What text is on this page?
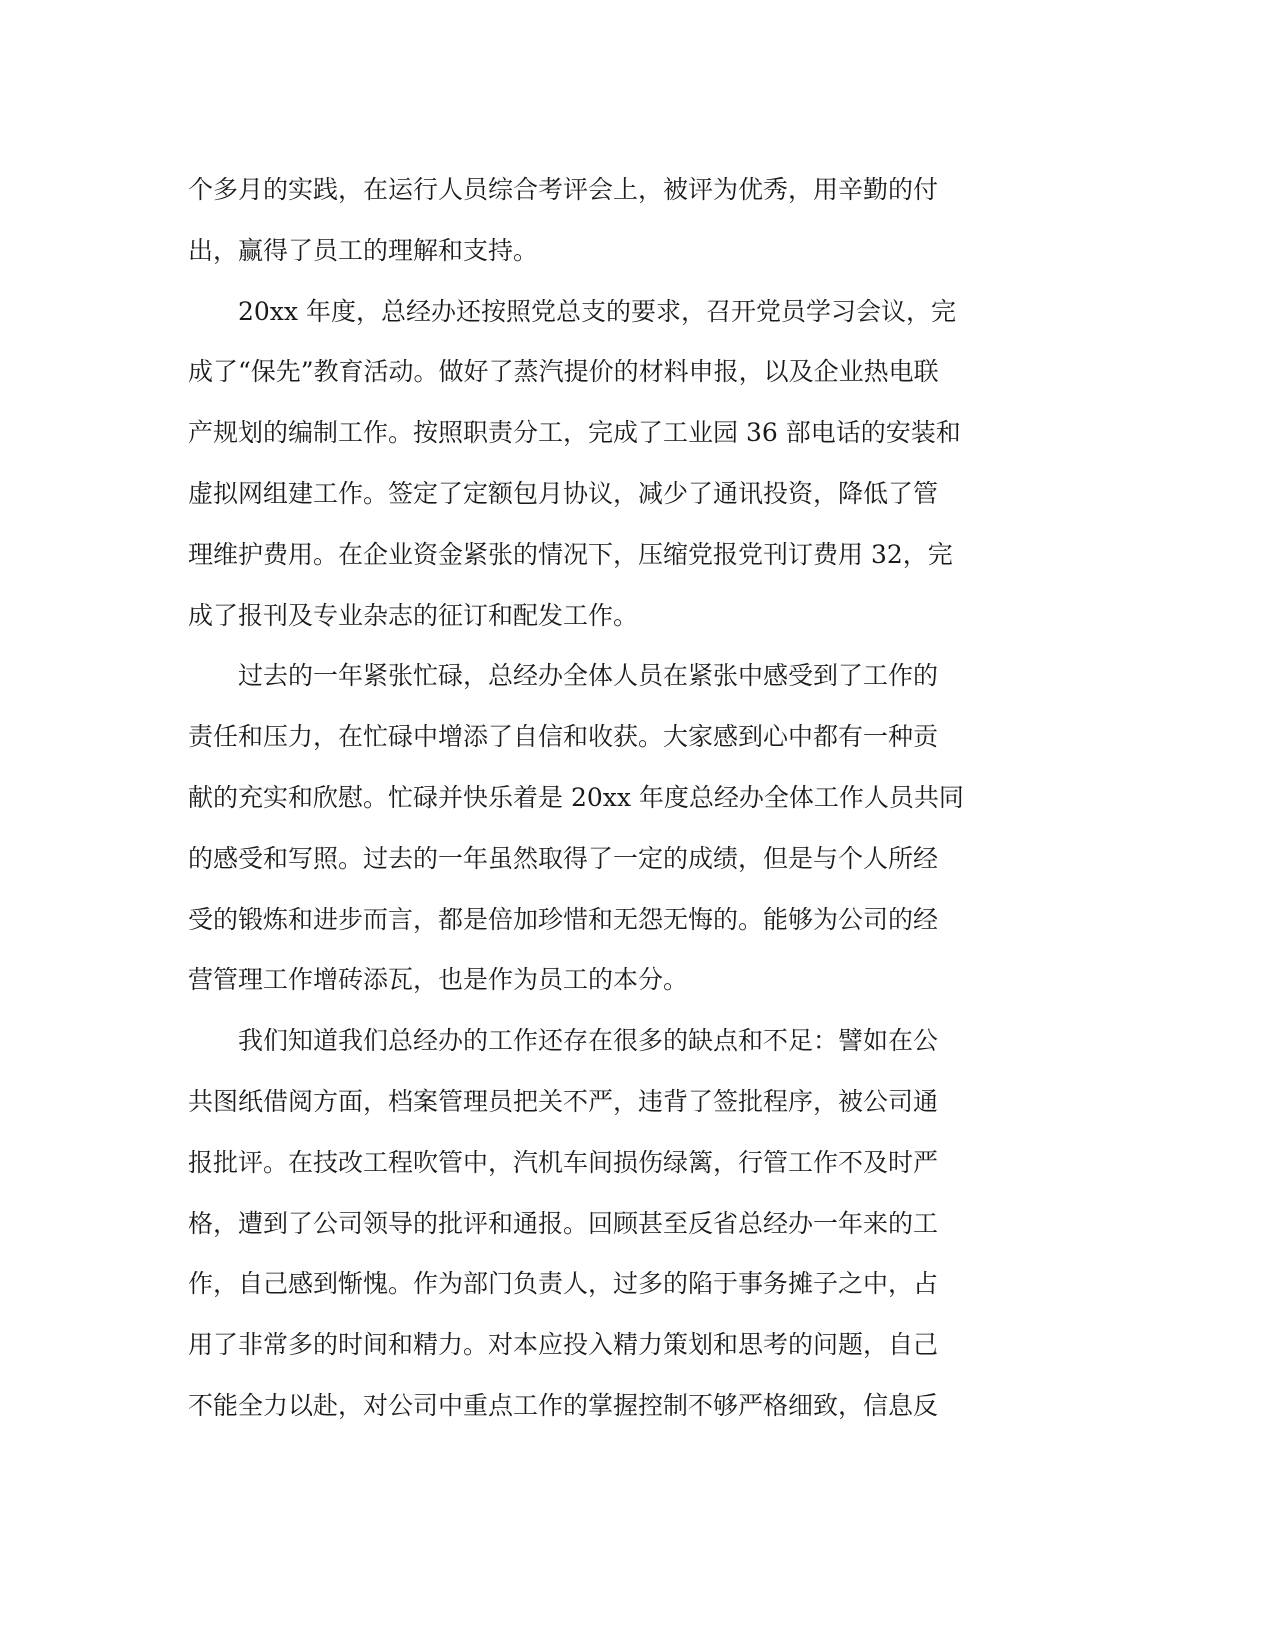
个多月的实践，在运行人员综合考评会上，被评为优秀，用辛勤的付
出，赢得了员工的理解和支持。
　　20xx 年度，总经办还按照党总支的要求，召开党员学习会议，完
成了“保先”教育活动。做好了蒸汽提价的材料申报，以及企业热电联
产规划的编制工作。按照职责分工，完成了工业园 36 部电话的安装和
虚拟网组建工作。签定了定额包月协议，减少了通讯投资，降低了管
理维护费用。在企业资金紧张的情况下，压缩党报党刊订费用 32，完
成了报刊及专业杂志的征订和配发工作。
　　过去的一年紧张忙碌，总经办全体人员在紧张中感受到了工作的
责任和压力，在忙碌中增添了自信和收获。大家感到心中都有一种贡
献的充实和欣慰。忙碌并快乐着是 20xx 年度总经办全体工作人员共同
的感受和写照。过去的一年虽然取得了一定的成绩，但是与个人所经
受的锻炼和进步而言，都是倍加珍惜和无怨无悔的。能够为公司的经
营管理工作增砖添瓦，也是作为员工的本分。
　　我们知道我们总经办的工作还存在很多的缺点和不足：譬如在公
共图纸借阅方面，档案管理员把关不严，违背了签批程序，被公司通
报批评。在技改工程吹管中，汽机车间损伤绿篱，行管工作不及时严
格，遭到了公司领导的批评和通报。回顾甚至反省总经办一年来的工
作，自己感到惭愧。作为部门负责人，过多的陷于事务摊子之中，占
用了非常多的时间和精力。对本应投入精力策划和思考的问题，自己
不能全力以赴，对公司中重点工作的掌握控制不够严格细致，信息反
